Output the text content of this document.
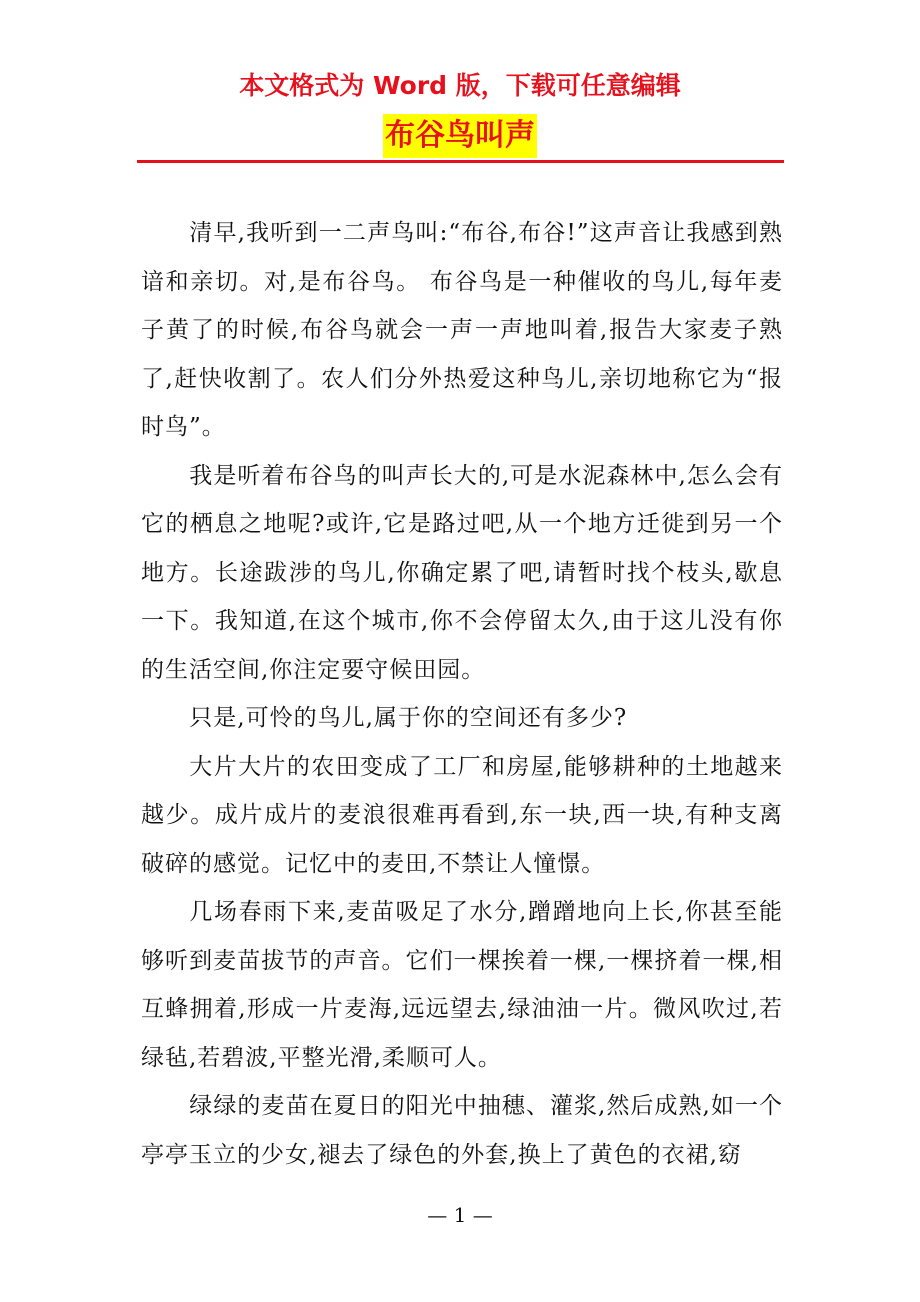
本文格式为 Word 版，下载可任意编辑
布谷鸟叫声

清早,我听到一二声鸟叫:“布谷,布谷!”这声音让我感到熟谙和亲切。对,是布谷鸟。 布谷鸟是一种催收的鸟儿,每年麦子黄了的时候,布谷鸟就会一声一声地叫着,报告大家麦子熟了,赶快收割了。农人们分外热爱这种鸟儿,亲切地称它为“报时鸟”。

我是听着布谷鸟的叫声长大的,可是水泥森林中,怎么会有它的栖息之地呢?或许,它是路过吧,从一个地方迁徙到另一个地方。长途跋涉的鸟儿,你确定累了吧,请暂时找个枝头,歇息一下。我知道,在这个城市,你不会停留太久,由于这儿没有你的生活空间,你注定要守候田园。

只是,可怜的鸟儿,属于你的空间还有多少?

大片大片的农田变成了工厂和房屋,能够耕种的土地越来越少。成片成片的麦浪很难再看到,东一块,西一块,有种支离破碎的感觉。记忆中的麦田,不禁让人憧憬。

几场春雨下来,麦苗吸足了水分,蹭蹭地向上长,你甚至能够听到麦苗拔节的声音。它们一棵挨着一棵,一棵挤着一棵,相互蜂拥着,形成一片麦海,远远望去,绿油油一片。微风吹过,若绿毡,若碧波,平整光滑,柔顺可人。

绿绿的麦苗在夏日的阳光中抽穗、灌浆,然后成熟,如一个亭亭玉立的少女,褪去了绿色的外套,换上了黄色的衣裙,窈

— 1 —
